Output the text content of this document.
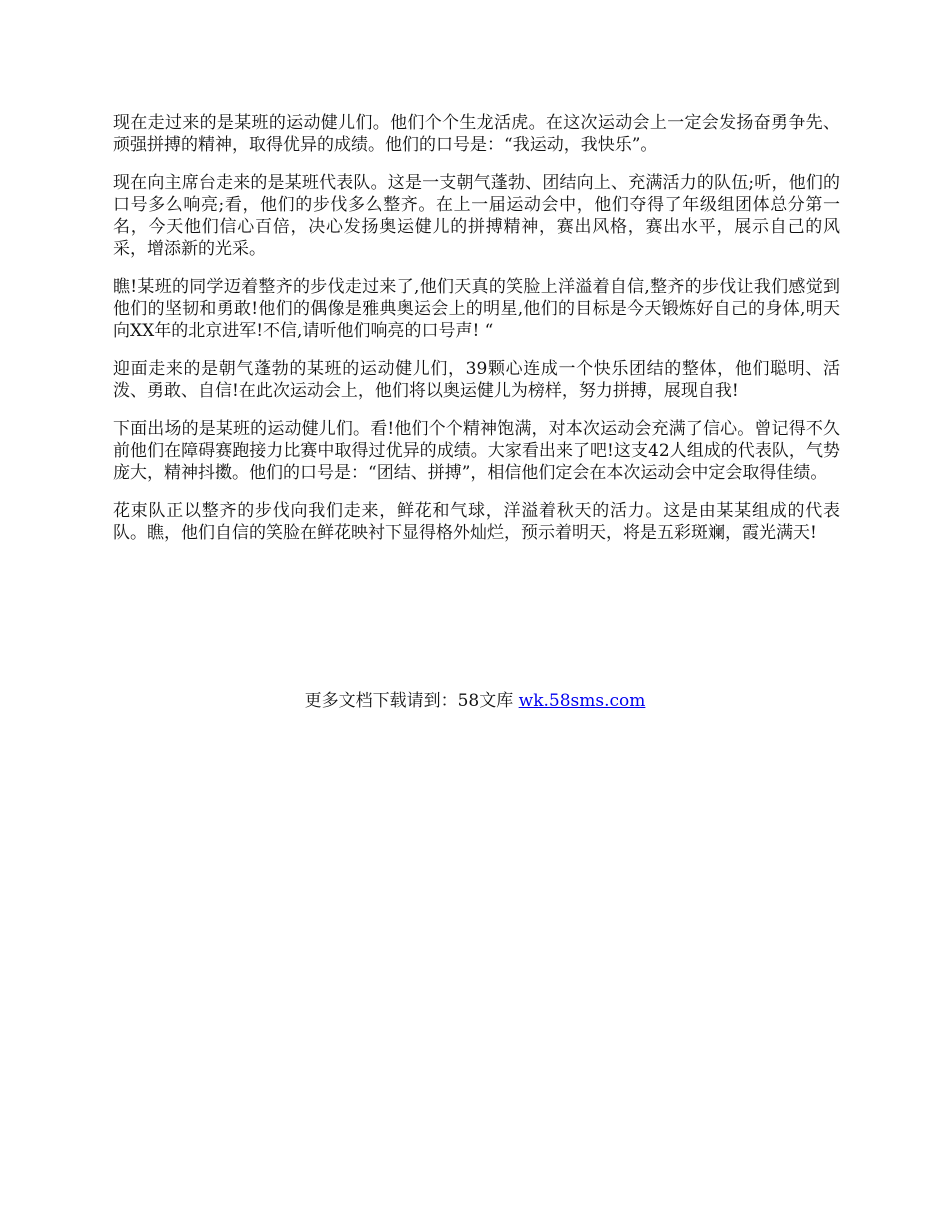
现在走过来的是某班的运动健儿们。他们个个生龙活虎。在这次运动会上一定会发扬奋勇争先、顽强拼搏的精神，取得优异的成绩。他们的口号是：“我运动，我快乐”。

现在向主席台走来的是某班代表队。这是一支朝气蓬勃、团结向上、充满活力的队伍;听，他们的口号多么响亮;看，他们的步伐多么整齐。在上一届运动会中，他们夺得了年级组团体总分第一名，今天他们信心百倍，决心发扬奥运健儿的拼搏精神，赛出风格，赛出水平，展示自己的风采，增添新的光采。

瞧!某班的同学迈着整齐的步伐走过来了,他们天真的笑脸上洋溢着自信,整齐的步伐让我们感觉到他们的坚韧和勇敢!他们的偶像是雅典奥运会上的明星,他们的目标是今天锻炼好自己的身体,明天向XX年的北京进军!不信,请听他们响亮的口号声! “

迎面走来的是朝气蓬勃的某班的运动健儿们，39颗心连成一个快乐团结的整体，他们聪明、活泼、勇敢、自信!在此次运动会上，他们将以奥运健儿为榜样，努力拼搏，展现自我!

下面出场的是某班的运动健儿们。看!他们个个精神饱满，对本次运动会充满了信心。曾记得不久前他们在障碍赛跑接力比赛中取得过优异的成绩。大家看出来了吧!这支42人组成的代表队，气势庞大，精神抖擞。他们的口号是：“团结、拼搏”，相信他们定会在本次运动会中定会取得佳绩。

花束队正以整齐的步伐向我们走来，鲜花和气球，洋溢着秋天的活力。这是由某某组成的代表队。瞧，他们自信的笑脸在鲜花映衬下显得格外灿烂，预示着明天，将是五彩斑斓，霞光满天!

更多文档下载请到：58文库 wk.58sms.com
